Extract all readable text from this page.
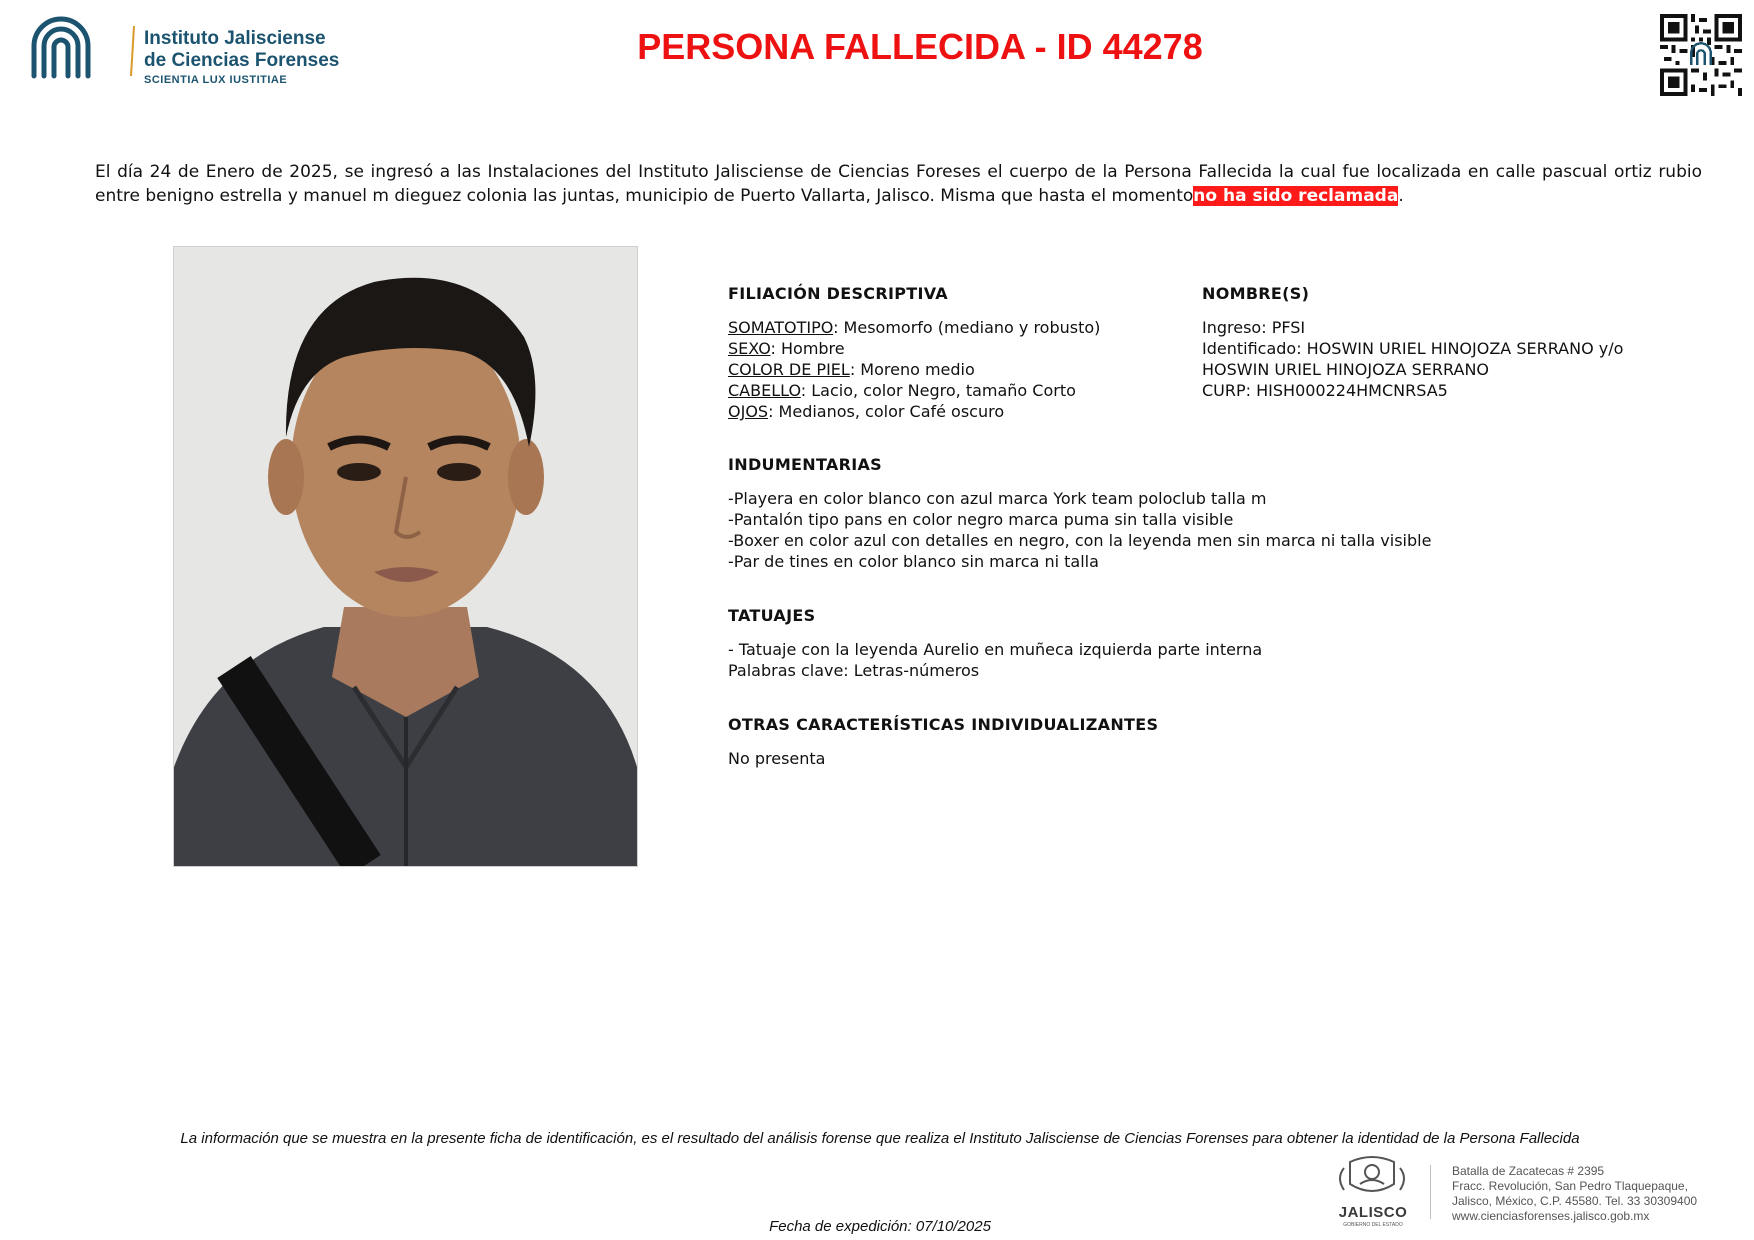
Instituto Jalisciense
de Ciencias Forenses
SCIENTIA LUX IUSTITIAE
PERSONA FALLECIDA - ID 44278

El día 24 de Enero de 2025, se ingresó a las Instalaciones del Instituto Jalisciense de Ciencias Foreses el cuerpo de la Persona Fallecida la cual fue localizada en calle pascual ortiz rubio entre benigno estrella y manuel m dieguez colonia las juntas, municipio de Puerto Vallarta, Jalisco. Misma que hasta el momentono ha sido reclamada.

FILIACIÓN DESCRIPTIVA

SOMATOTIPO: Mesomorfo (mediano y robusto)

SEXO: Hombre

COLOR DE PIEL: Moreno medio

CABELLO: Lacio, color Negro, tamaño Corto

OJOS: Medianos, color Café oscuro

NOMBRE(S)

Ingreso: PFSI

Identificado: HOSWIN URIEL HINOJOZA SERRANO y/o

HOSWIN URIEL HINOJOZA SERRANO

CURP: HISH000224HMCNRSA5

INDUMENTARIAS

-Playera en color blanco con azul marca York team poloclub talla m

-Pantalón tipo pans en color negro marca puma sin talla visible

-Boxer en color azul con detalles en negro, con la leyenda men sin marca ni talla visible

-Par de tines en color blanco sin marca ni talla

TATUAJES

- Tatuaje con la leyenda Aurelio en muñeca izquierda parte interna

Palabras clave: Letras-números

OTRAS CARACTERÍSTICAS INDIVIDUALIZANTES

No presenta

La información que se muestra en la presente ficha de identificación, es el resultado del análisis forense que realiza el Instituto Jalisciense de Ciencias Forenses para obtener la identidad de la Persona Fallecida
JALISCO
GOBIERNO DEL ESTADO
Batalla de Zacatecas # 2395
Fracc. Revolución, San Pedro Tlaquepaque,
Jalisco, México, C.P. 45580. Tel. 33 30309400
www.cienciasforenses.jalisco.gob.mx
Fecha de expedición: 07/10/2025
